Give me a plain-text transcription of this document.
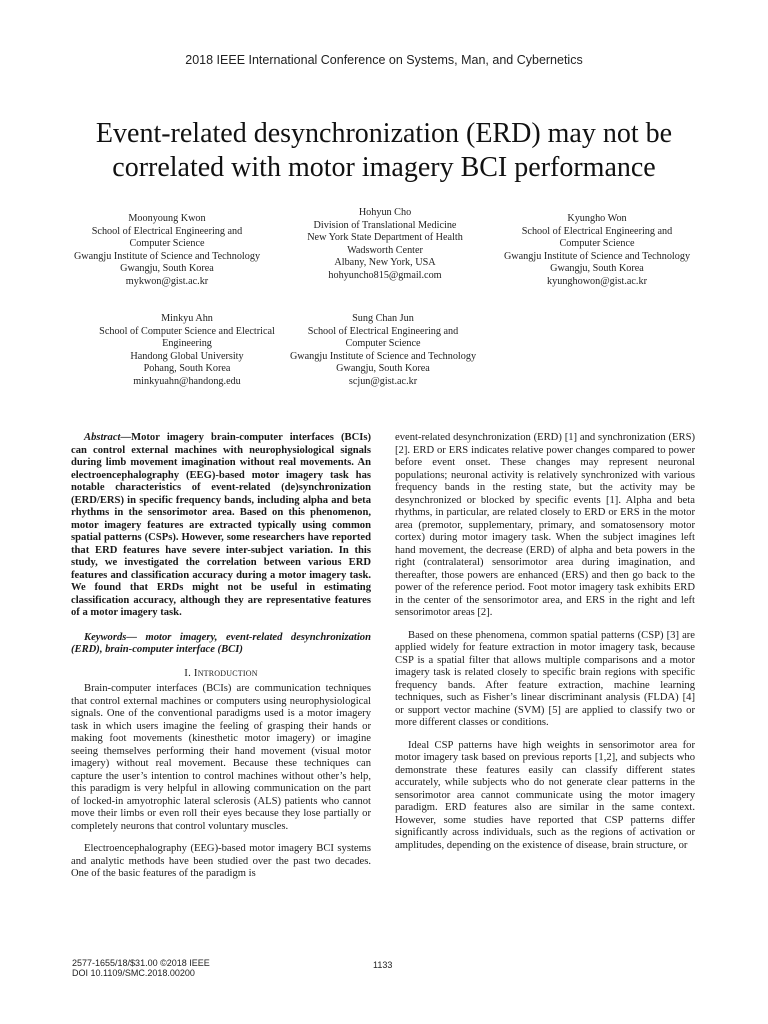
2018 IEEE International Conference on Systems, Man, and Cybernetics
Event-related desynchronization (ERD) may not be
correlated with motor imagery BCI performance
Moonyoung Kwon
School of Electrical Engineering and
Computer Science
Gwangju Institute of Science and Technology
Gwangju, South Korea
mykwon@gist.ac.kr
Hohyun Cho
Division of Translational Medicine
New York State Department of Health
Wadsworth Center
Albany, New York, USA
hohyuncho815@gmail.com
Kyungho Won
School of Electrical Engineering and
Computer Science
Gwangju Institute of Science and Technology
Gwangju, South Korea
kyunghowon@gist.ac.kr
Minkyu Ahn
School of Computer Science and Electrical
Engineering
Handong Global University
Pohang, South Korea
minkyuahn@handong.edu
Sung Chan Jun
School of Electrical Engineering and
Computer Science
Gwangju Institute of Science and Technology
Gwangju, South Korea
scjun@gist.ac.kr

Abstract—Motor imagery brain-computer interfaces (BCIs) can control external machines with neurophysiological signals during limb movement imagination without real movements. An electroencephalography (EEG)-based motor imagery task has notable characteristics of event-related (de)synchronization (ERD/ERS) in specific frequency bands, including alpha and beta rhythms in the sensorimotor area. Based on this phenomenon, motor imagery features are extracted typically using common spatial patterns (CSPs). However, some researchers have reported that ERD features have severe inter-subject variation. In this study, we investigated the correlation between various ERD features and classification accuracy during a motor imagery task. We found that ERDs might not be useful in estimating classification accuracy, although they are representative features of a motor imagery task.

Keywords— motor imagery, event-related desynchronization (ERD), brain-computer interface (BCI)

I. Introduction

Brain-computer interfaces (BCIs) are communication techniques that control external machines or computers using neurophysiological signals. One of the conventional paradigms used is a motor imagery task in which users imagine the feeling of grasping their hands or making foot movements (kinesthetic motor imagery) or imagine seeing themselves performing their hand movement (visual motor imagery) without real movement. Because these techniques can capture the user’s intention to control machines without other’s help, this paradigm is very helpful in allowing communication on the part of locked-in amyotrophic lateral sclerosis (ALS) patients who cannot move their limbs or even roll their eyes because they lose partially or completely neurons that control voluntary muscles.

Electroencephalography (EEG)-based motor imagery BCI systems and analytic methods have been studied over the past two decades. One of the basic features of the paradigm is

event-related desynchronization (ERD) [1] and synchronization (ERS) [2]. ERD or ERS indicates relative power changes compared to power before event onset. These changes may represent neuronal populations; neuronal activity is relatively synchronized with various frequency bands in the resting state, but the activity may be desynchronized or blocked by specific events [1]. Alpha and beta rhythms, in particular, are related closely to ERD or ERS in the motor area (premotor, supplementary, primary, and somatosensory motor cortex) during motor imagery task. When the subject imagines left hand movement, the decrease (ERD) of alpha and beta powers in the right (contralateral) sensorimotor area during imagination, and thereafter, those powers are enhanced (ERS) and then go back to the power of the reference period. Foot motor imagery task exhibits ERD in the center of the sensorimotor area, and ERS in the right and left sensorimotor areas [2].

Based on these phenomena, common spatial patterns (CSP) [3] are applied widely for feature extraction in motor imagery task, because CSP is a spatial filter that allows multiple comparisons and a motor imagery task is related closely to specific brain regions with specific frequency bands. After feature extraction, machine learning techniques, such as Fisher’s linear discriminant analysis (FLDA) [4] or support vector machine (SVM) [5] are applied to classify two or more different classes or conditions.

Ideal CSP patterns have high weights in sensorimotor area for motor imagery task based on previous reports [1,2], and subjects who demonstrate these features easily can classify different states accurately, while subjects who do not generate clear patterns in the sensorimotor area cannot communicate using the motor imagery paradigm. ERD features also are similar in the same context. However, some studies have reported that CSP patterns differ significantly across individuals, such as the regions of activation or amplitudes, depending on the existence of disease, brain structure, or

2577-1655/18/$31.00 ©2018 IEEE
DOI 10.1109/SMC.2018.00200
1133
